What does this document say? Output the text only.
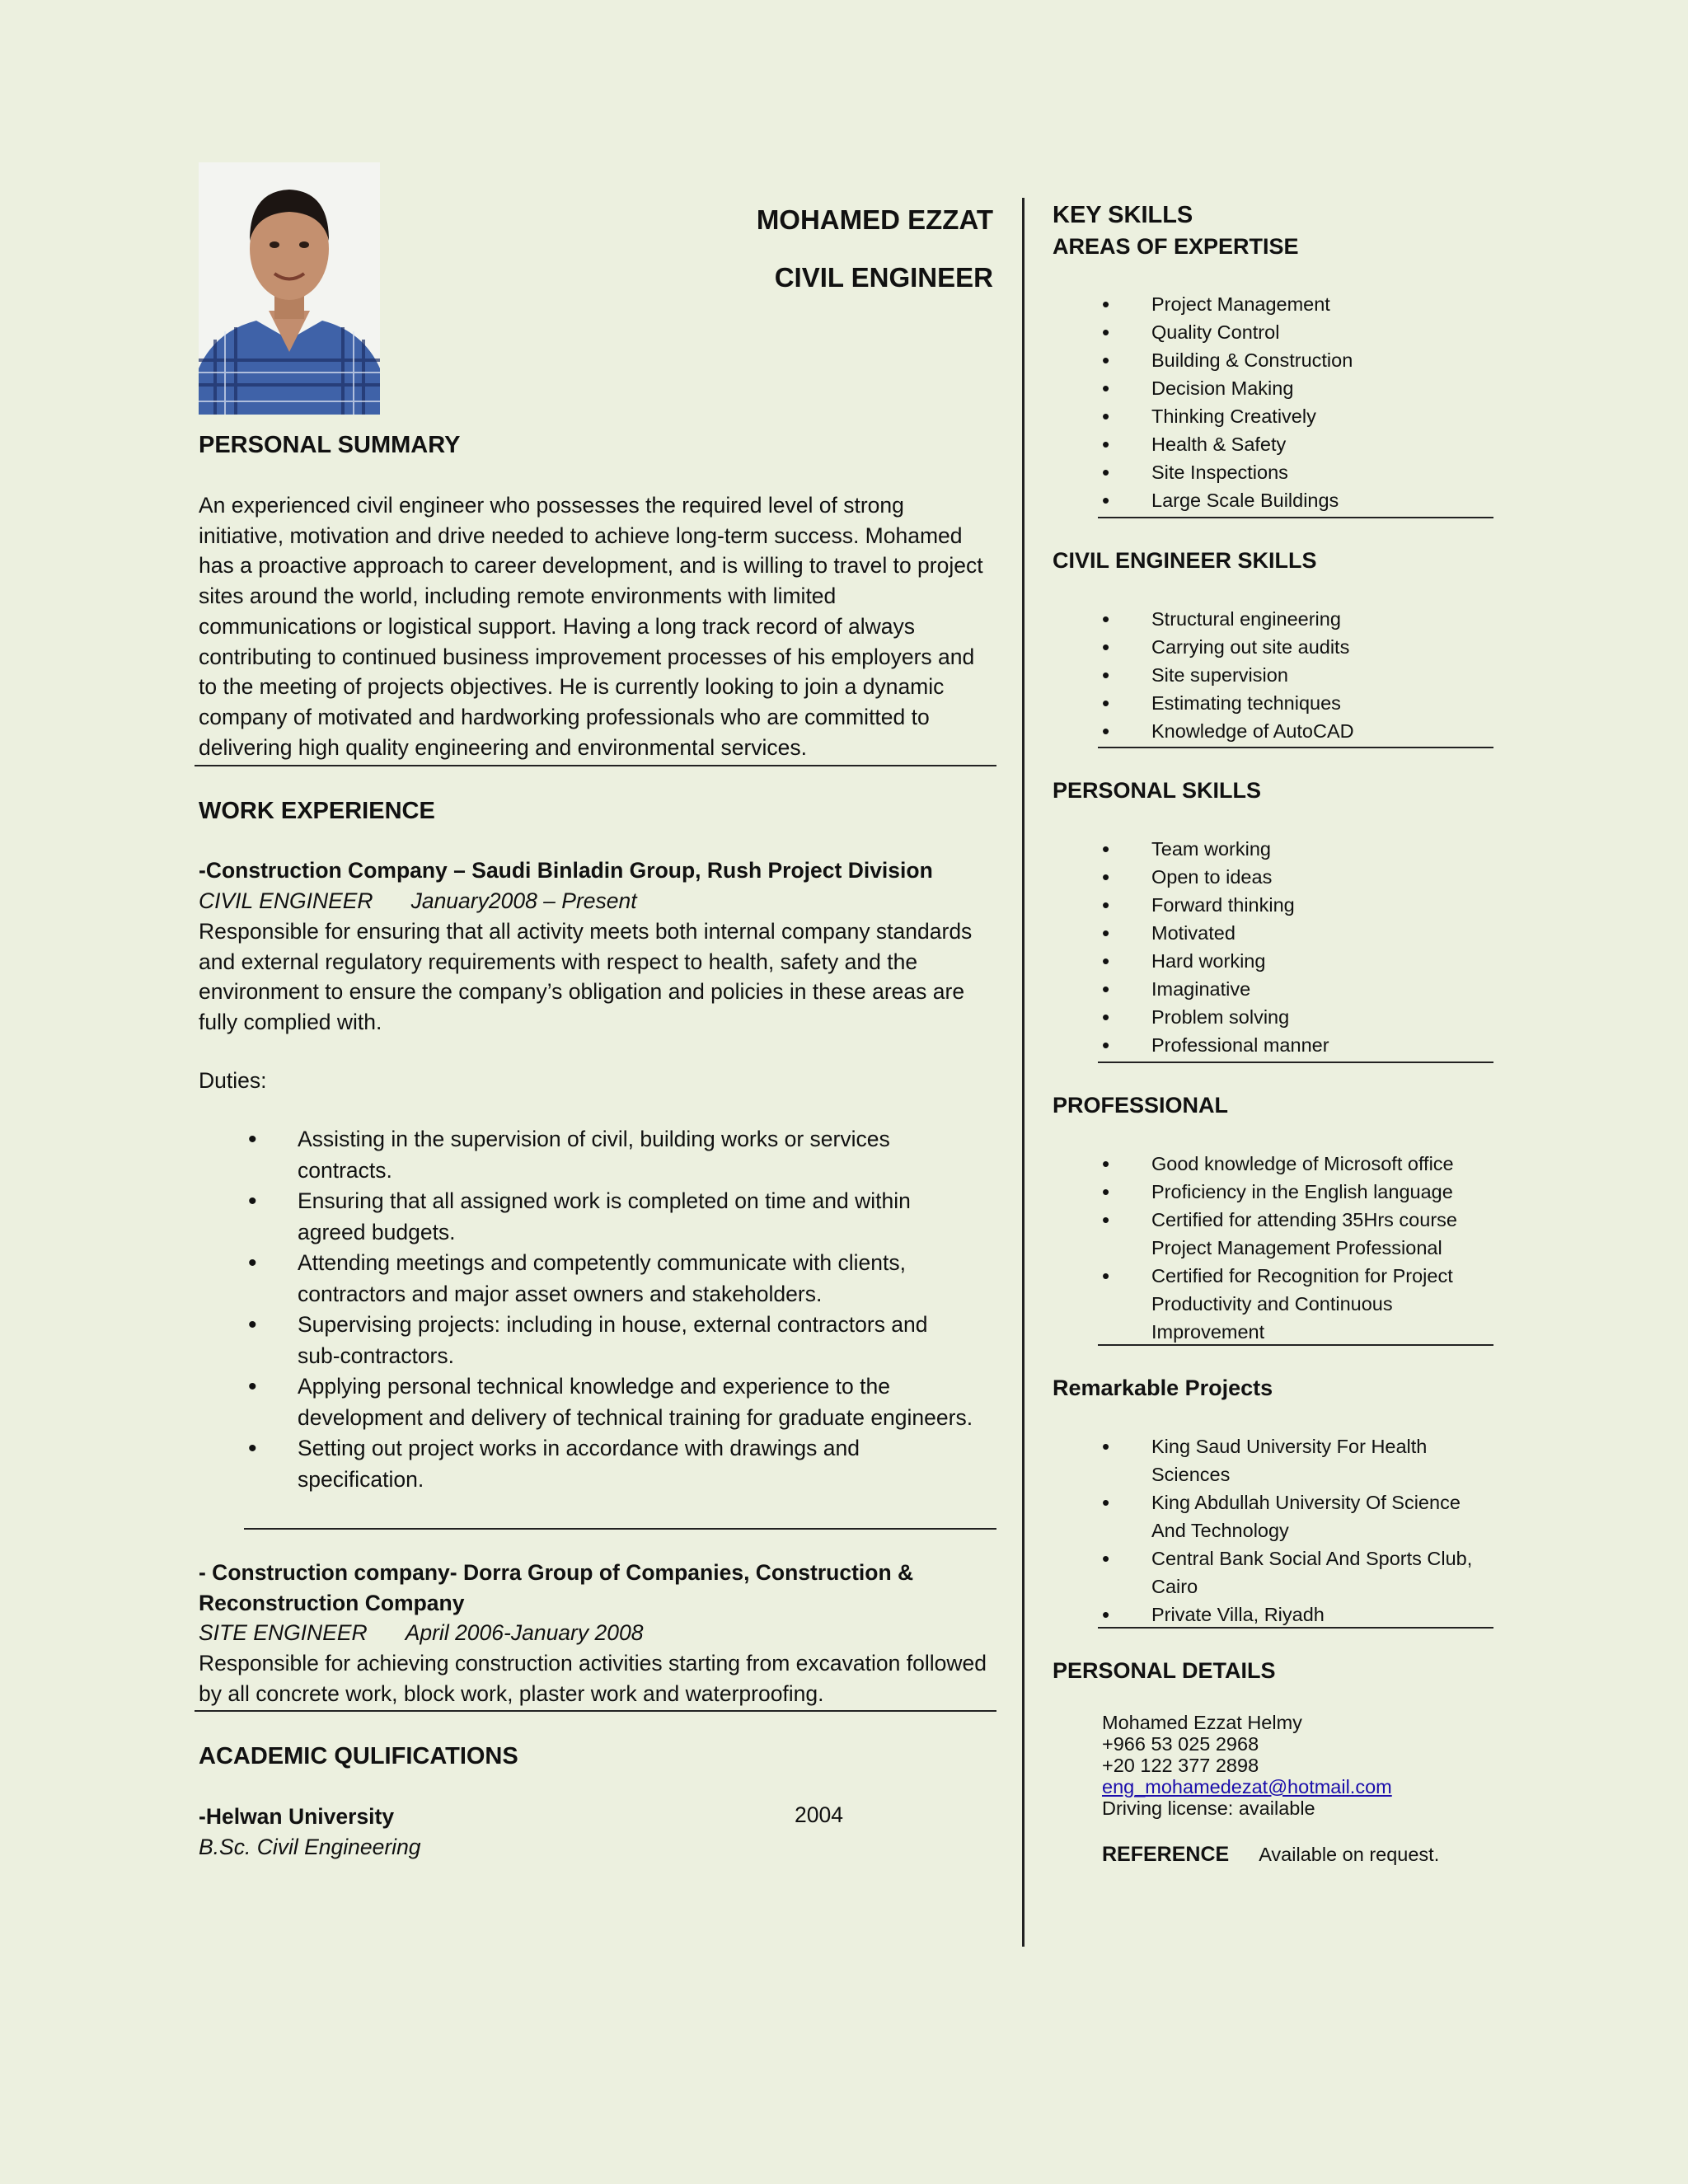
MOHAMED EZZAT
CIVIL ENGINEER
PERSONAL SUMMARY
An experienced civil engineer who possesses the required level of strong initiative, motivation and drive needed to achieve long-term success. Mohamed has a proactive approach to career development, and is willing to travel to project sites around the world, including remote environments with limited communications or logistical support. Having a long track record of always contributing to continued business improvement processes of his employers and to the meeting of projects objectives. He is currently looking to join a dynamic company of motivated and hardworking professionals who are committed to delivering high quality engineering and environmental services.
WORK EXPERIENCE
-Construction Company – Saudi Binladin Group, Rush Project Division
CIVIL ENGINEER January2008 – Present
Responsible for ensuring that all activity meets both internal company standards and external regulatory requirements with respect to health, safety and the environment to ensure the company’s obligation and policies in these areas are fully complied with.
Duties:
• Assisting in the supervision of civil, building works or services contracts.
• Ensuring that all assigned work is completed on time and within agreed budgets.
• Attending meetings and competently communicate with clients, contractors and major asset owners and stakeholders.
• Supervising projects: including in house, external contractors and sub-contractors.
• Applying personal technical knowledge and experience to the development and delivery of technical training for graduate engineers.
• Setting out project works in accordance with drawings and specification.
- Construction company- Dorra Group of Companies, Construction & Reconstruction Company
SITE ENGINEER April 2006-January 2008
Responsible for achieving construction activities starting from excavation followed by all concrete work, block work, plaster work and waterproofing.
ACADEMIC QULIFICATIONS
-Helwan University	2004
B.Sc. Civil Engineering
KEY SKILLS
AREAS OF EXPERTISE
• Project Management
• Quality Control
• Building & Construction
• Decision Making
• Thinking Creatively
• Health & Safety
• Site Inspections
• Large Scale Buildings
CIVIL ENGINEER SKILLS
• Structural engineering
• Carrying out site audits
• Site supervision
• Estimating techniques
• Knowledge of AutoCAD
PERSONAL SKILLS
• Team working
• Open to ideas
• Forward thinking
• Motivated
• Hard working
• Imaginative
• Problem solving
• Professional manner
PROFESSIONAL
• Good knowledge of Microsoft office
• Proficiency in the English language
• Certified for attending 35Hrs course Project Management Professional
• Certified for Recognition for Project Productivity and Continuous Improvement
Remarkable Projects
• King Saud University For Health Sciences
• King Abdullah University Of Science And Technology
• Central Bank Social And Sports Club, Cairo
• Private Villa, Riyadh
PERSONAL DETAILS
Mohamed Ezzat Helmy
+966 53 025 2968
+20 122 377 2898
eng_mohamedezat@hotmail.com
Driving license: available
REFERENCE Available on request.
